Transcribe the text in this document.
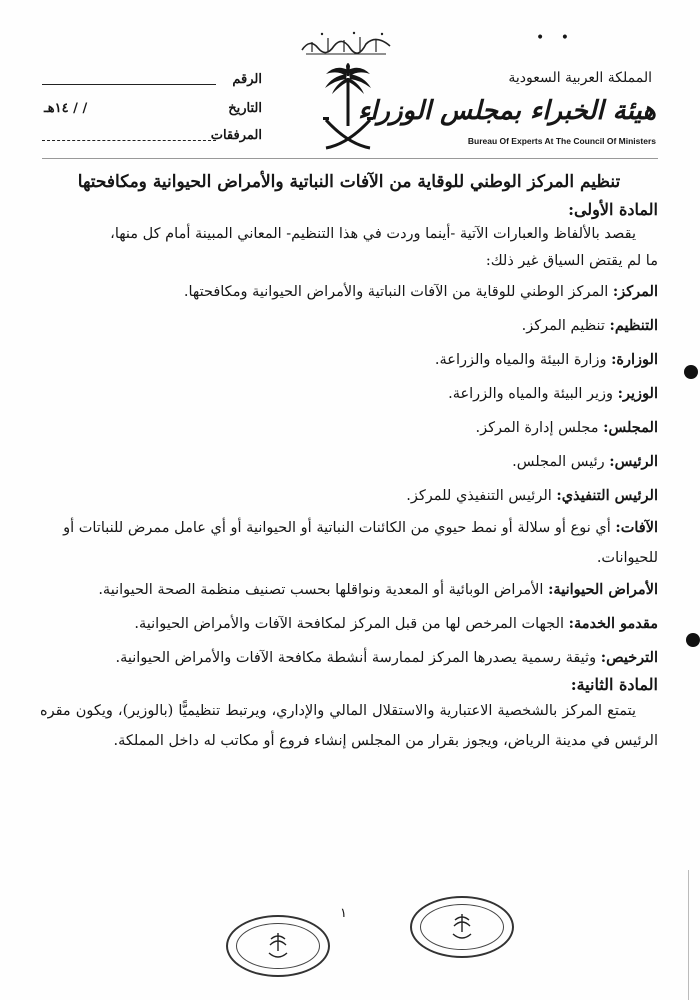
• •
المملكة العربية السعودية
هيئة الخبراء بمجلس الوزراء
Bureau Of Experts At The Council Of Ministers
الرقم
التاريخ
/ / ١٤هـ
المرفقات
تنظيم المركز الوطني للوقاية من الآفات النباتية والأمراض الحيوانية ومكافحتها
المادة الأولى:

يقصد بالألفاظ والعبارات الآتية -أينما وردت في هذا التنظيم- المعاني المبينة أمام كل منها،

ما لم يقتض السياق غير ذلك:

المركز: المركز الوطني للوقاية من الآفات النباتية والأمراض الحيوانية ومكافحتها.

التنظيم: تنظيم المركز.

الوزارة: وزارة البيئة والمياه والزراعة.

الوزير: وزير البيئة والمياه والزراعة.

المجلس: مجلس إدارة المركز.

الرئيس: رئيس المجلس.

الرئيس التنفيذي: الرئيس التنفيذي للمركز.

الآفات: أي نوع أو سلالة أو نمط حيوي من الكائنات النباتية أو الحيوانية أو أي عامل ممرض للنباتات أو للحيوانات.

الأمراض الحيوانية: الأمراض الوبائية أو المعدية ونواقلها بحسب تصنيف منظمة الصحة الحيوانية.

مقدمو الخدمة: الجهات المرخص لها من قبل المركز لمكافحة الآفات والأمراض الحيوانية.

الترخيص: وثيقة رسمية يصدرها المركز لممارسة أنشطة مكافحة الآفات والأمراض الحيوانية.

المادة الثانية:

يتمتع المركز بالشخصية الاعتبارية والاستقلال المالي والإداري، ويرتبط تنظيميًّا (بالوزير)، ويكون مقره الرئيس في مدينة الرياض، ويجوز بقرار من المجلس إنشاء فروع أو مكاتب له داخل المملكة.

١
